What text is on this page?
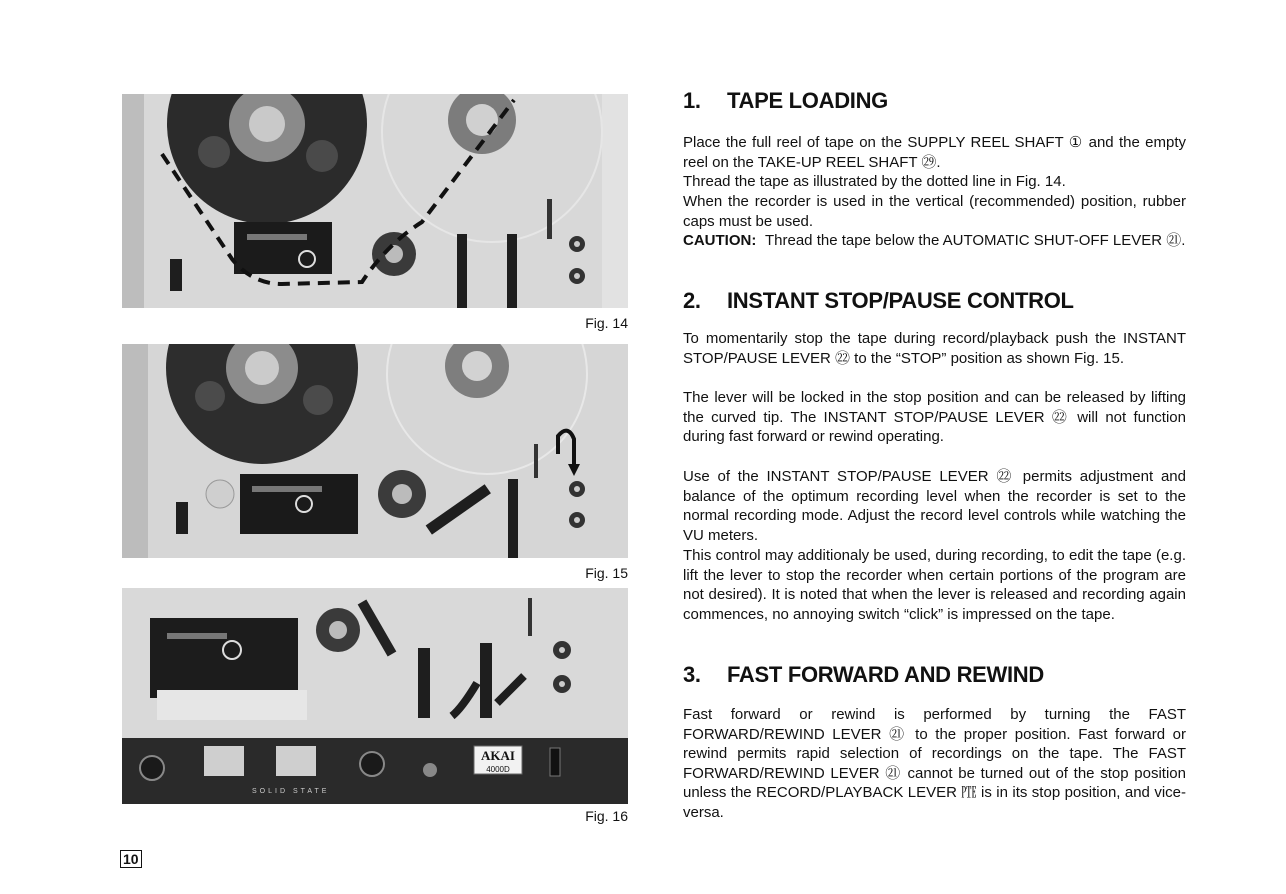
Fig. 14
Fig. 15
AKAI
4000D
SOLID STATE
Fig. 16
10
1. TAPE LOADING

Place the full reel of tape on the SUPPLY REEL SHAFT ① and the empty reel on the TAKE-UP REEL SHAFT ㉙.

Thread the tape as illustrated by the dotted line in Fig. 14.

When the recorder is used in the vertical (recommended) position, rubber caps must be used.

CAUTION: Thread the tape below the AUTOMATIC SHUT-OFF LEVER ㉑.
2. INSTANT STOP/PAUSE CONTROL

To momentarily stop the tape during record/playback push the INSTANT STOP/PAUSE LEVER ㉒ to the “STOP” position as shown Fig. 15.

The lever will be locked in the stop position and can be released by lifting the curved tip. The INSTANT STOP/PAUSE LEVER ㉒ will not function during fast forward or rewind operating.

Use of the INSTANT STOP/PAUSE LEVER ㉒ permits adjustment and balance of the optimum recording level when the recorder is set to the normal recording mode. Adjust the record level controls while watching the VU meters.

This control may additionaly be used, during recording, to edit the tape (e.g. lift the lever to stop the recorder when certain portions of the program are not desired). It is noted that when the lever is released and recording again commences, no annoying switch “click” is impressed on the tape.

3. FAST FORWARD AND REWIND

Fast forward or rewind is performed by turning the FAST FORWARD/REWIND LEVER ㉑ to the proper position. Fast forward or rewind permits rapid selection of recordings on the tape. The FAST FORWARD/REWIND LEVER ㉑ cannot be turned out of the stop position unless the RECORD/PLAYBACK LEVER ㉐ is in its stop position, and vice-versa.
